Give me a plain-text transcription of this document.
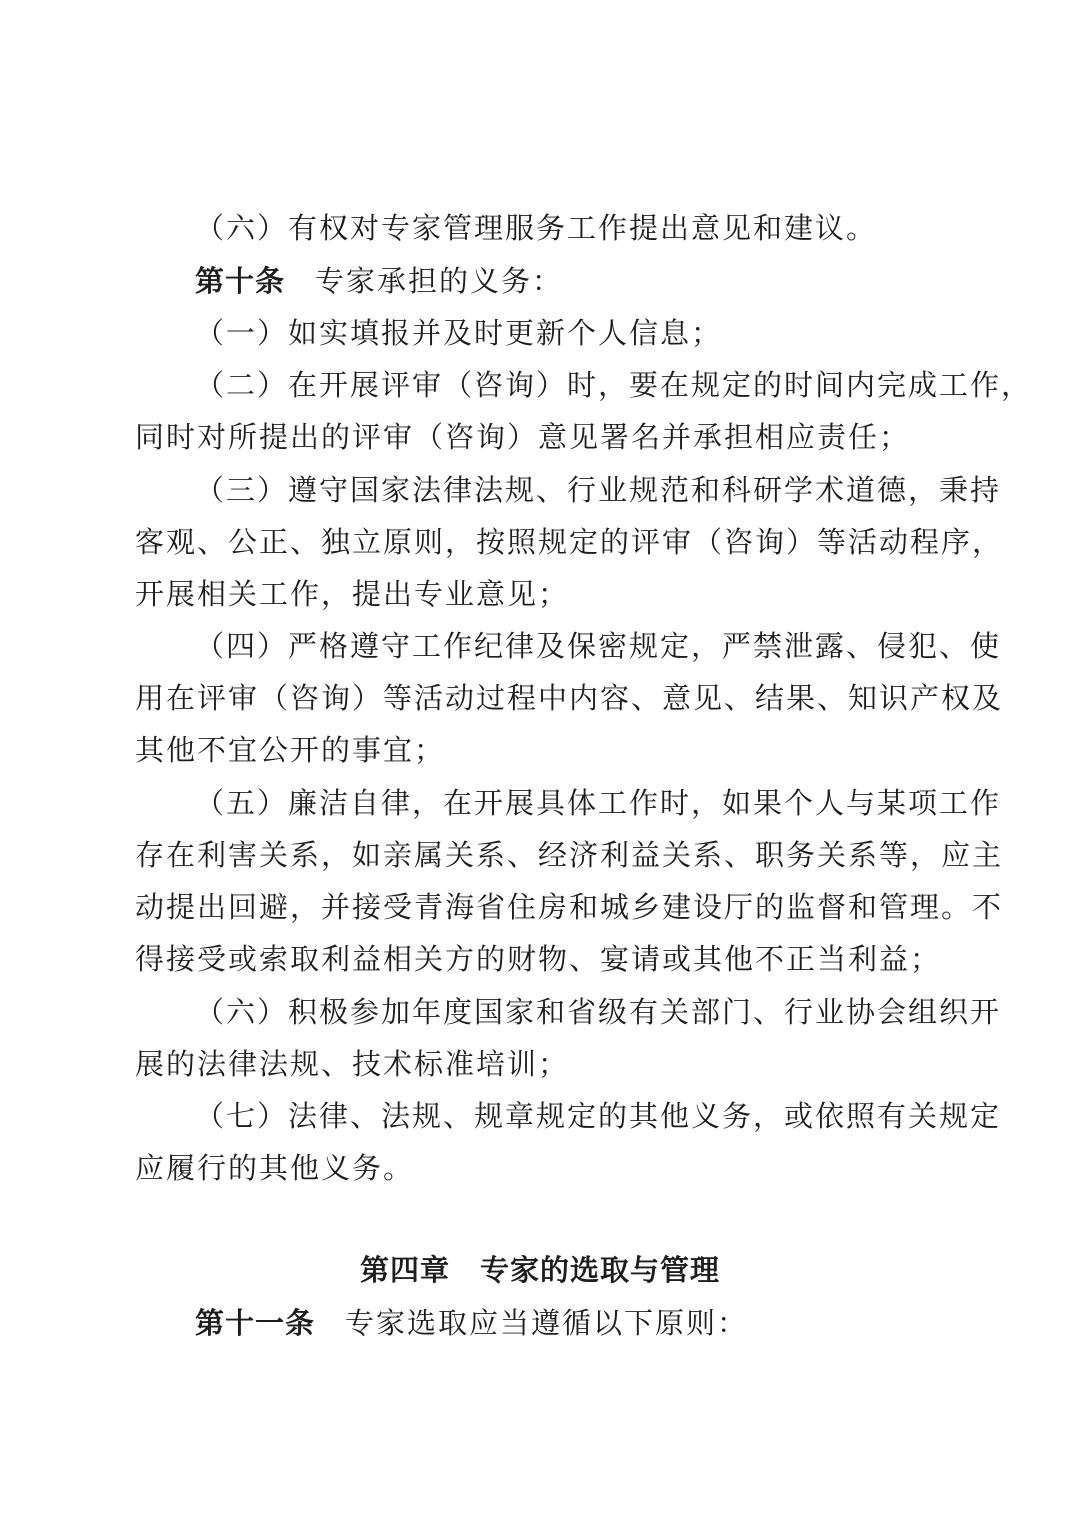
（六）有权对专家管理服务工作提出意见和建议。
第十条 专家承担的义务：
（一）如实填报并及时更新个人信息；
（二）在开展评审（咨询）时，要在规定的时间内完成工作，
同时对所提出的评审（咨询）意见署名并承担相应责任；
（三）遵守国家法律法规、行业规范和科研学术道德，秉持
客观、公正、独立原则，按照规定的评审（咨询）等活动程序，
开展相关工作，提出专业意见；
（四）严格遵守工作纪律及保密规定，严禁泄露、侵犯、使
用在评审（咨询）等活动过程中内容、意见、结果、知识产权及
其他不宜公开的事宜；
（五）廉洁自律，在开展具体工作时，如果个人与某项工作
存在利害关系，如亲属关系、经济利益关系、职务关系等，应主
动提出回避，并接受青海省住房和城乡建设厅的监督和管理。不
得接受或索取利益相关方的财物、宴请或其他不正当利益；
（六）积极参加年度国家和省级有关部门、行业协会组织开
展的法律法规、技术标准培训；
（七）法律、法规、规章规定的其他义务，或依照有关规定
应履行的其他义务。
第四章 专家的选取与管理
第十一条 专家选取应当遵循以下原则：
